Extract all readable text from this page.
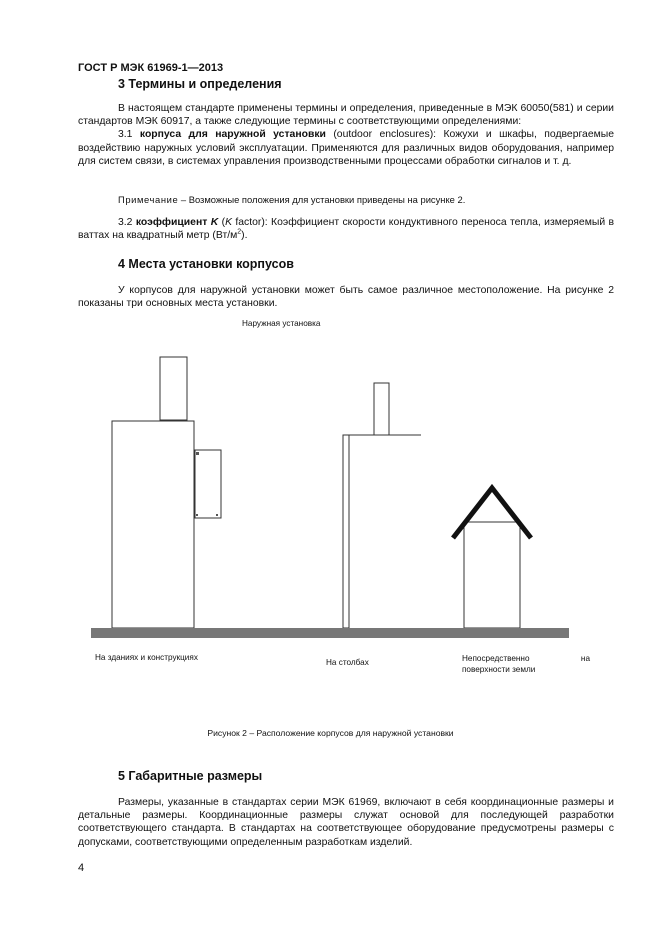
ГОСТ Р МЭК 61969-1—2013
3 Термины и определения

В настоящем стандарте применены термины и определения, приведенные в МЭК 60050(581) и серии стандартов МЭК 60917, а также следующие термины с соответствующими определениями:

3.1 корпуса для наружной установки (outdoor enclosures): Кожухи и шкафы, подвергаемые воздействию наружных условий эксплуатации. Применяются для различных видов оборудования, например для систем связи, в системах управления производственными процессами обработки сигналов и т. д.

Примечание – Возможные положения для установки приведены на рисунке 2.

3.2 коэффициент K (K factor): Коэффициент скорости кондуктивного переноса тепла, измеряемый в ваттах на квадратный метр $(Вт/м^2)$.

4 Места установки корпусов

У корпусов для наружной установки может быть самое различное местоположение. На рисунке 2 показаны три основных места установки.

Наружная установка
На зданиях и конструкциях
На столбах	Непосредственно на поверхности земли
Рисунок 2 – Расположение корпусов для наружной установки
5 Габаритные размеры

Размеры, указанные в стандартах серии МЭК 61969, включают в себя координационные размеры и детальные размеры. Координационные размеры служат основой для последующей разработки соответствующего стандарта. В стандартах на соответствующее оборудование предусмотрены размеры с допусками, соответствующими определенным разработкам изделий.

4
